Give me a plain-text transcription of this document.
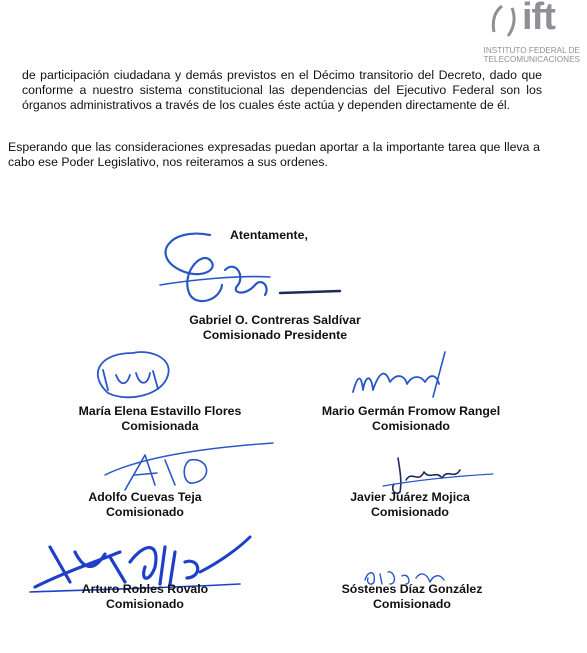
ift
INSTITUTO FEDERAL DE
TELECOMUNICACIONES
de participación ciudadana y demás previstos en el Décimo transitorio del Decreto, dado que conforme a nuestro sistema constitucional las dependencias del Ejecutivo Federal son los órganos administrativos a través de los cuales éste actúa y dependen directamente de él.
Esperando que las consideraciones expresadas puedan aportar a la importante tarea que lleva a cabo ese Poder Legislativo, nos reiteramos a sus ordenes.
Atentamente,
Gabriel O. Contreras Saldívar
Comisionado Presidente
María Elena Estavillo Flores
Comisionada
Mario Germán Fromow Rangel
Comisionado
Adolfo Cuevas Teja
Comisionado
Javier Juárez Mojica
Comisionado
Arturo Robles Rovalo
Comisionado
Sóstenes Díaz González
Comisionado
